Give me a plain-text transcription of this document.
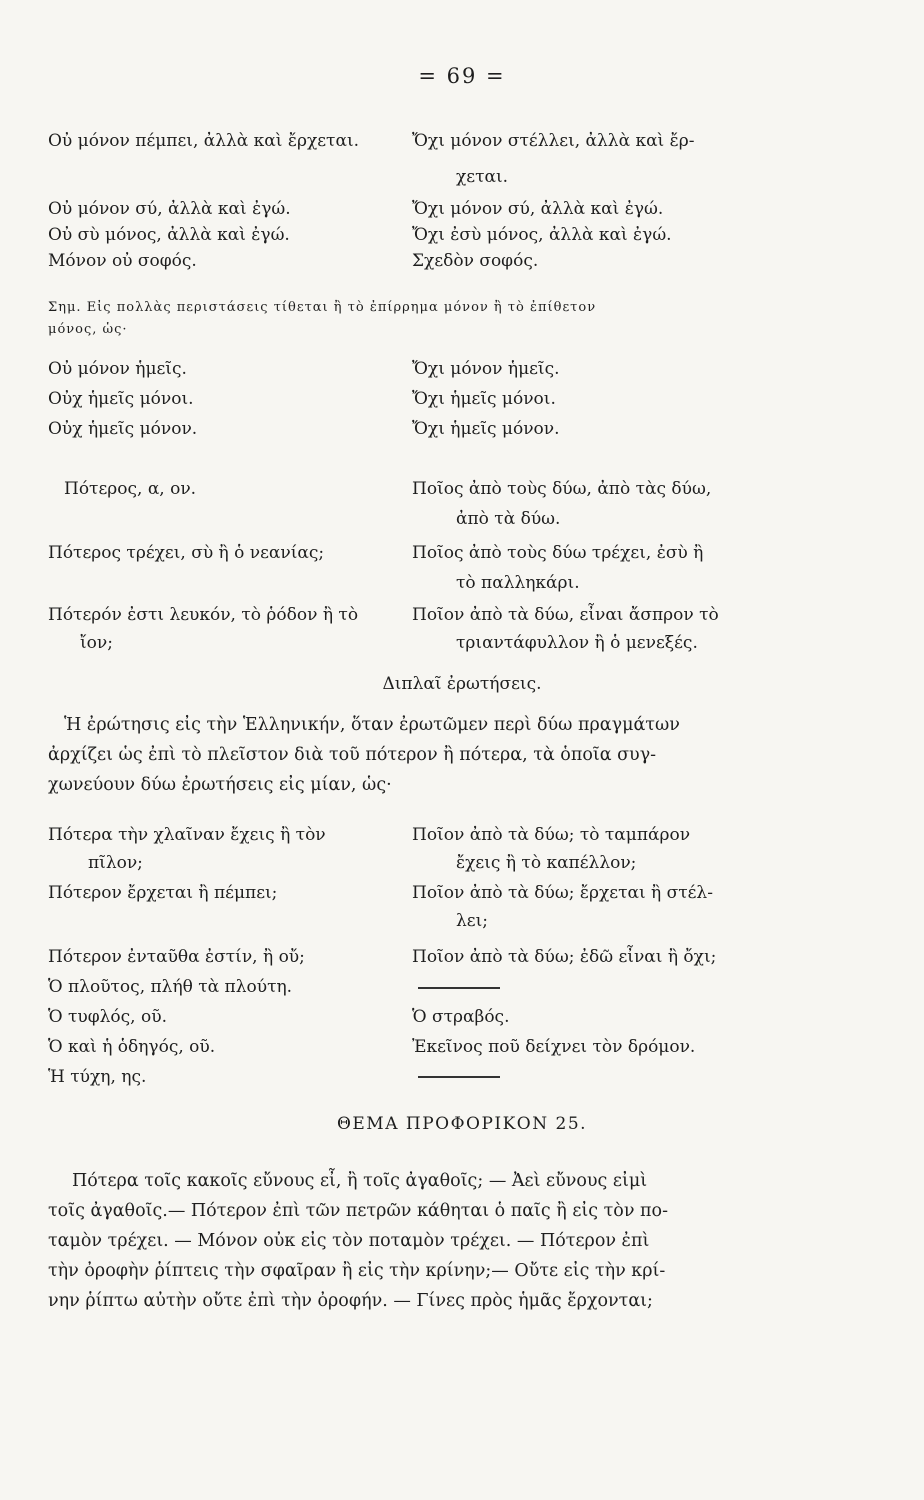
= 69 =
Οὐ μόνον πέμπει, ἀλλὰ καὶ ἔρχεται.	Ὄχι μόνον στέλλει, ἀλλὰ καὶ ἔρ-
χεται.
Οὐ μόνον σύ, ἀλλὰ καὶ ἐγώ.	Ὄχι μόνον σύ, ἀλλὰ καὶ ἐγώ.
Οὐ σὺ μόνος, ἀλλὰ καὶ ἐγώ.	Ὄχι ἐσὺ μόνος, ἀλλὰ καὶ ἐγώ.
Μόνον οὐ σοφός.	Σχεδὸν σοφός.
Σημ. Εἰς πολλὰς περιστάσεις τίθεται ἢ τὸ ἐπίρρημα μόνον ἢ τὸ ἐπίθετον
μόνος, ὡς·
Οὐ μόνον ἡμεῖς.	Ὄχι μόνον ἡμεῖς.
Οὐχ ἡμεῖς μόνοι.	Ὄχι ἡμεῖς μόνοι.
Οὐχ ἡμεῖς μόνον.	Ὄχι ἡμεῖς μόνον.
Πότερος, α, ον.	Ποῖος ἀπὸ τοὺς δύω, ἀπὸ τὰς δύω,
ἀπὸ τὰ δύω.
Πότερος τρέχει, σὺ ἢ ὁ νεανίας;	Ποῖος ἀπὸ τοὺς δύω τρέχει, ἐσὺ ἢ
τὸ παλληκάρι.
Πότερόν ἐστι λευκόν, τὸ ῥόδον ἢ τὸ	Ποῖον ἀπὸ τὰ δύω, εἶναι ἄσπρον τὸ
ἴον;	τριαντάφυλλον ἢ ὁ μενεξές.
Διπλαῖ ἐρωτήσεις.
Ἡ ἐρώτησις εἰς τὴν Ἑλληνικήν, ὅταν ἐρωτῶμεν περὶ δύω πραγμάτων
ἀρχίζει ὡς ἐπὶ τὸ πλεῖστον διὰ τοῦ πότερον ἢ πότερα, τὰ ὁποῖα συγ-
χωνεύουν δύω ἐρωτήσεις εἰς μίαν, ὡς·
Πότερα τὴν χλαῖναν ἔχεις ἢ τὸν	Ποῖον ἀπὸ τὰ δύω; τὸ ταμπάρον
πῖλον;	ἔχεις ἢ τὸ καπέλλον;
Πότερον ἔρχεται ἢ πέμπει;	Ποῖον ἀπὸ τὰ δύω; ἔρχεται ἢ στέλ-
λει;
Πότερον ἐνταῦθα ἐστίν, ἢ οὔ;	Ποῖον ἀπὸ τὰ δύω; ἐδῶ εἶναι ἢ ὄχι;
Ὁ πλοῦτος, πλήθ τὰ πλούτη.
Ὁ τυφλός, οῦ.	Ὁ στραβός.
Ὁ καὶ ἡ ὁδηγός, οῦ.	Ἐκεῖνος ποῦ δείχνει τὸν δρόμον.
Ἡ τύχη, ης.
ΘΕΜΑ ΠΡΟΦΟΡΙΚΟΝ 25.
Πότερα τοῖς κακοῖς εὔνους εἶ, ἢ τοῖς ἀγαθοῖς; — Ἀεὶ εὔνους εἰμὶ
τοῖς ἀγαθοῖς.— Πότερον ἐπὶ τῶν πετρῶν κάθηται ὁ παῖς ἢ εἰς τὸν πο-
ταμὸν τρέχει. — Μόνον οὐκ εἰς τὸν ποταμὸν τρέχει. — Πότερον ἐπὶ
τὴν ὀροφὴν ῥίπτεις τὴν σφαῖραν ἢ εἰς τὴν κρίνην;— Οὔτε εἰς τὴν κρί-
νην ῥίπτω αὐτὴν οὔτε ἐπὶ τὴν ὀροφήν. — Γίνες πρὸς ἡμᾶς ἔρχονται;
